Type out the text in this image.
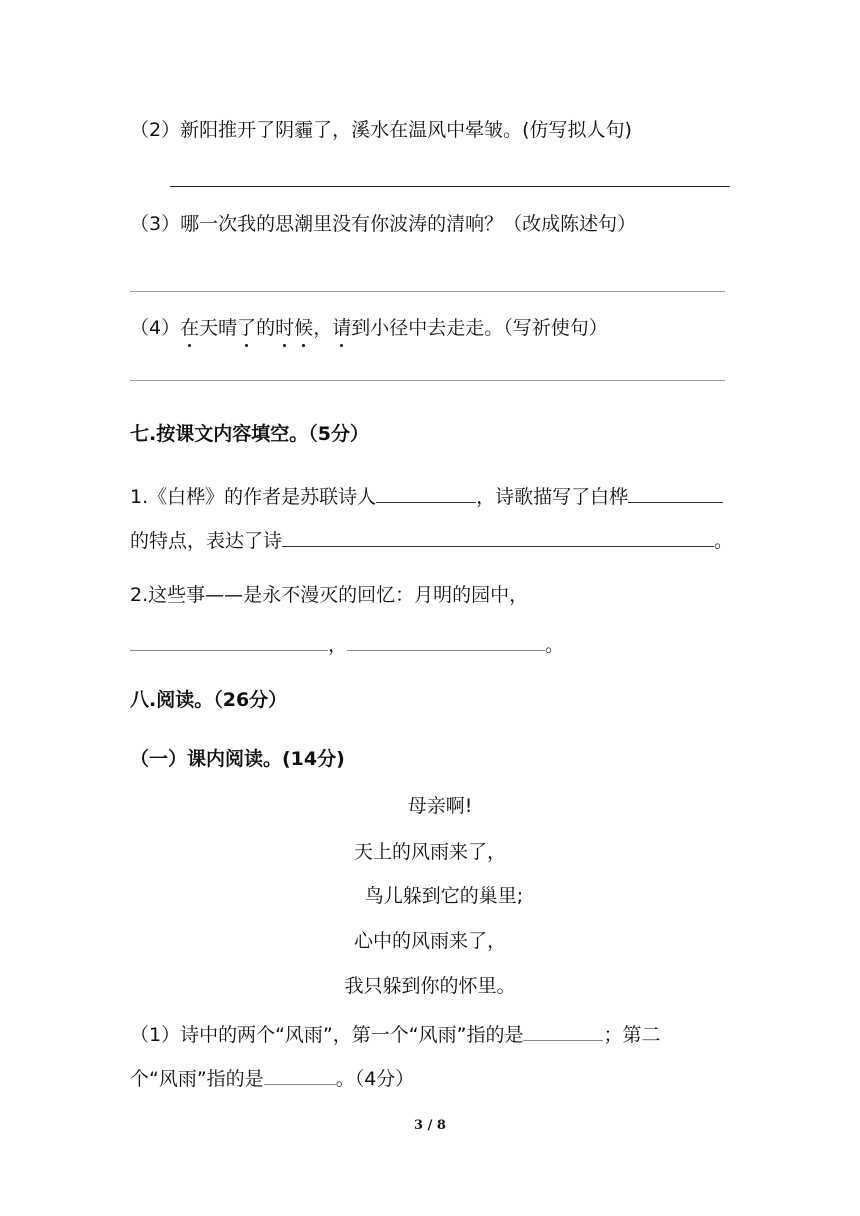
（2）新阳推开了阴霾了，溪水在温风中晕皱。(仿写拟人句)
（3）哪一次我的思潮里没有你波涛的清响？（改成陈述句）
（4）在天晴了的时候，请到小径中去走走。（写祈使句）
七.按课文内容填空。（5分）
1.《白桦》的作者是苏联诗人	，诗歌描写了白桦
的特点，表达了诗	。
2.这些事——是永不漫灭的回忆：月明的园中，
，	。
八.阅读。（26分）
（一）课内阅读。(14分)
母亲啊!
天上的风雨来了，
鸟儿躲到它的巢里;
心中的风雨来了，
我只躲到你的怀里。
（1）诗中的两个“风雨”，第一个“风雨”指的是	；第二
个“风雨”指的是	。（4分）
3 / 8
